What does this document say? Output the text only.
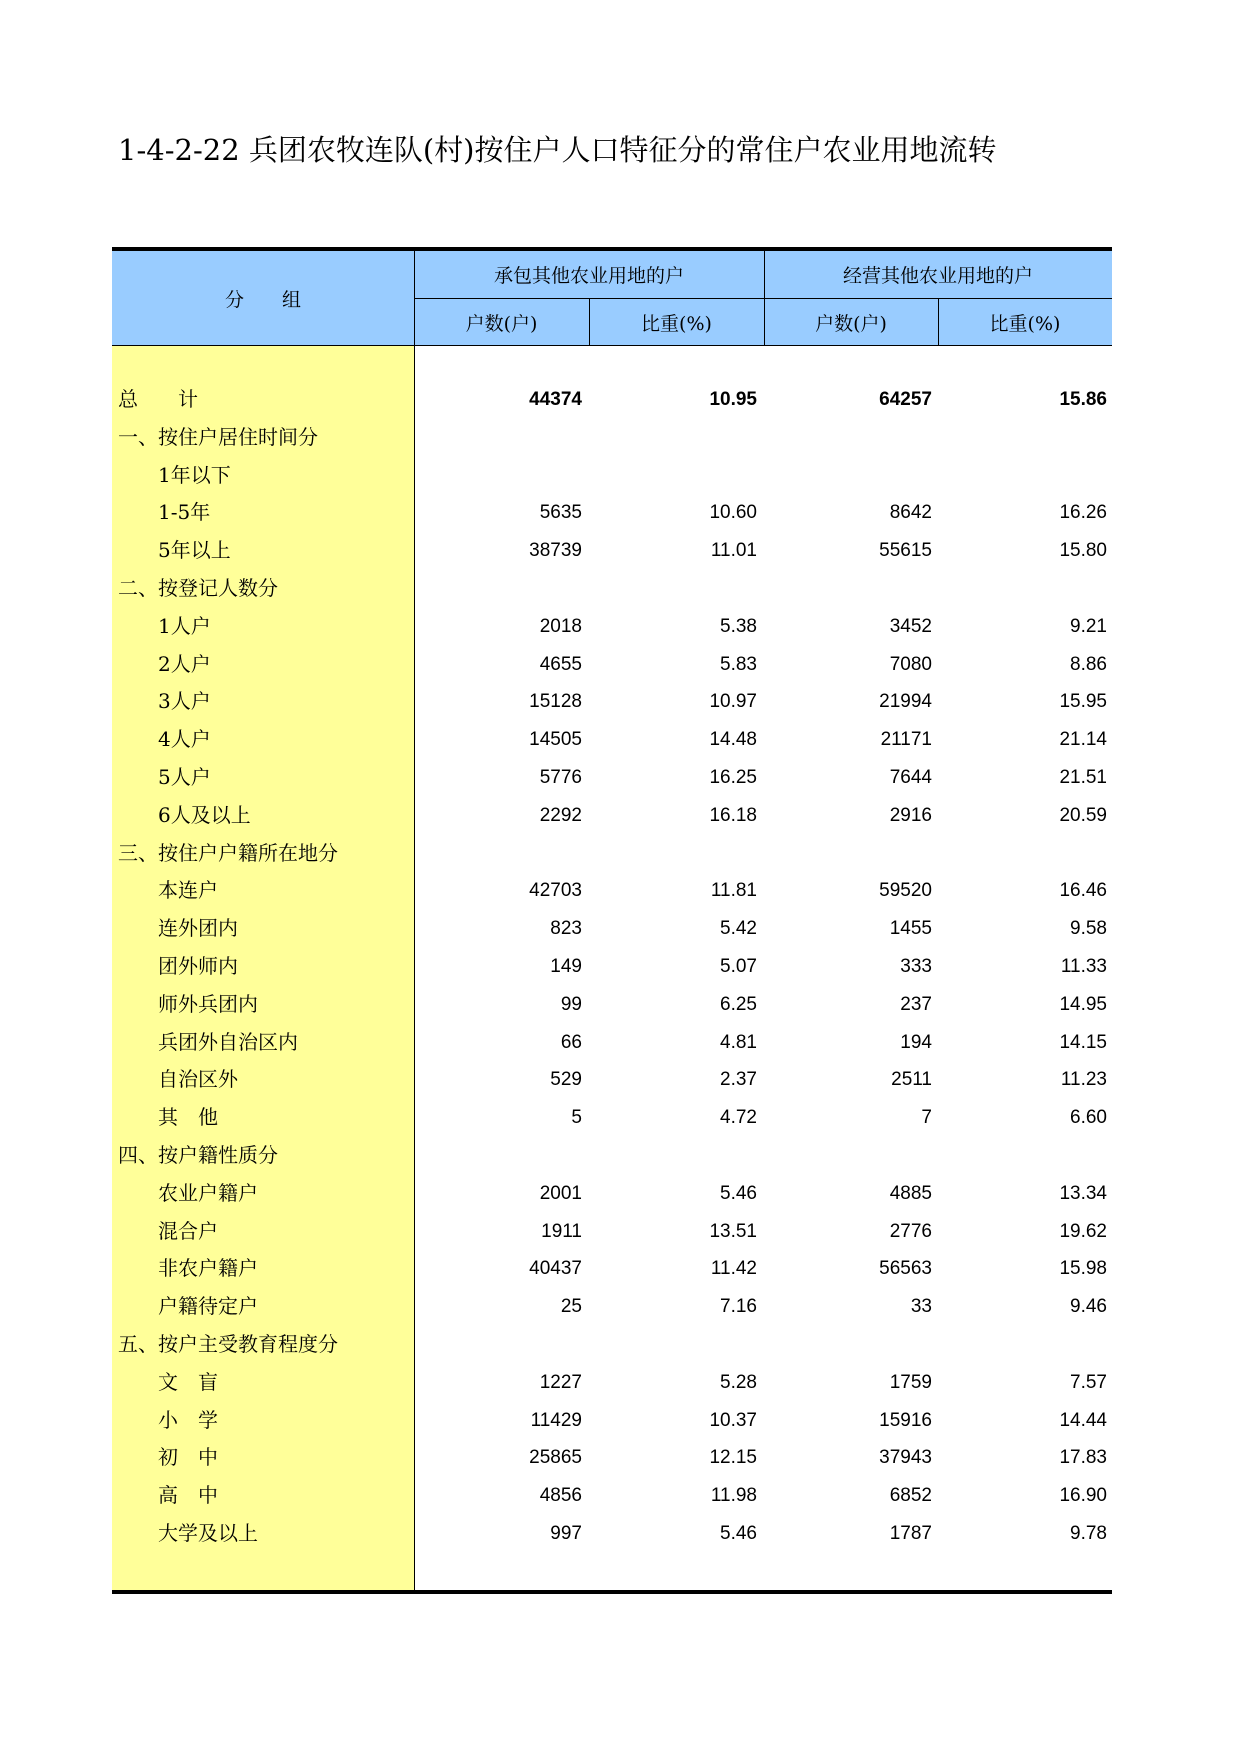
1-4-2-22 兵团农牧连队(村)按住户人口特征分的常住户农业用地流转
分　　组
承包其他农业用地的户	经营其他农业用地的户
户数(户)	比重(%)	户数(户)	比重(%)
总　　计	44374	10.95	64257	15.86
一、按住户居住时间分
1年以下
1-5年	5635	10.60	8642	16.26
5年以上	38739	11.01	55615	15.80
二、按登记人数分
1人户	2018	5.38	3452	9.21
2人户	4655	5.83	7080	8.86
3人户	15128	10.97	21994	15.95
4人户	14505	14.48	21171	21.14
5人户	5776	16.25	7644	21.51
6人及以上	2292	16.18	2916	20.59
三、按住户户籍所在地分
本连户	42703	11.81	59520	16.46
连外团内	823	5.42	1455	9.58
团外师内	149	5.07	333	11.33
师外兵团内	99	6.25	237	14.95
兵团外自治区内	66	4.81	194	14.15
自治区外	529	2.37	2511	11.23
其　他	5	4.72	7	6.60
四、按户籍性质分
农业户籍户	2001	5.46	4885	13.34
混合户	1911	13.51	2776	19.62
非农户籍户	40437	11.42	56563	15.98
户籍待定户	25	7.16	33	9.46
五、按户主受教育程度分
文　盲	1227	5.28	1759	7.57
小　学	11429	10.37	15916	14.44
初　中	25865	12.15	37943	17.83
高　中	4856	11.98	6852	16.90
大学及以上	997	5.46	1787	9.78
